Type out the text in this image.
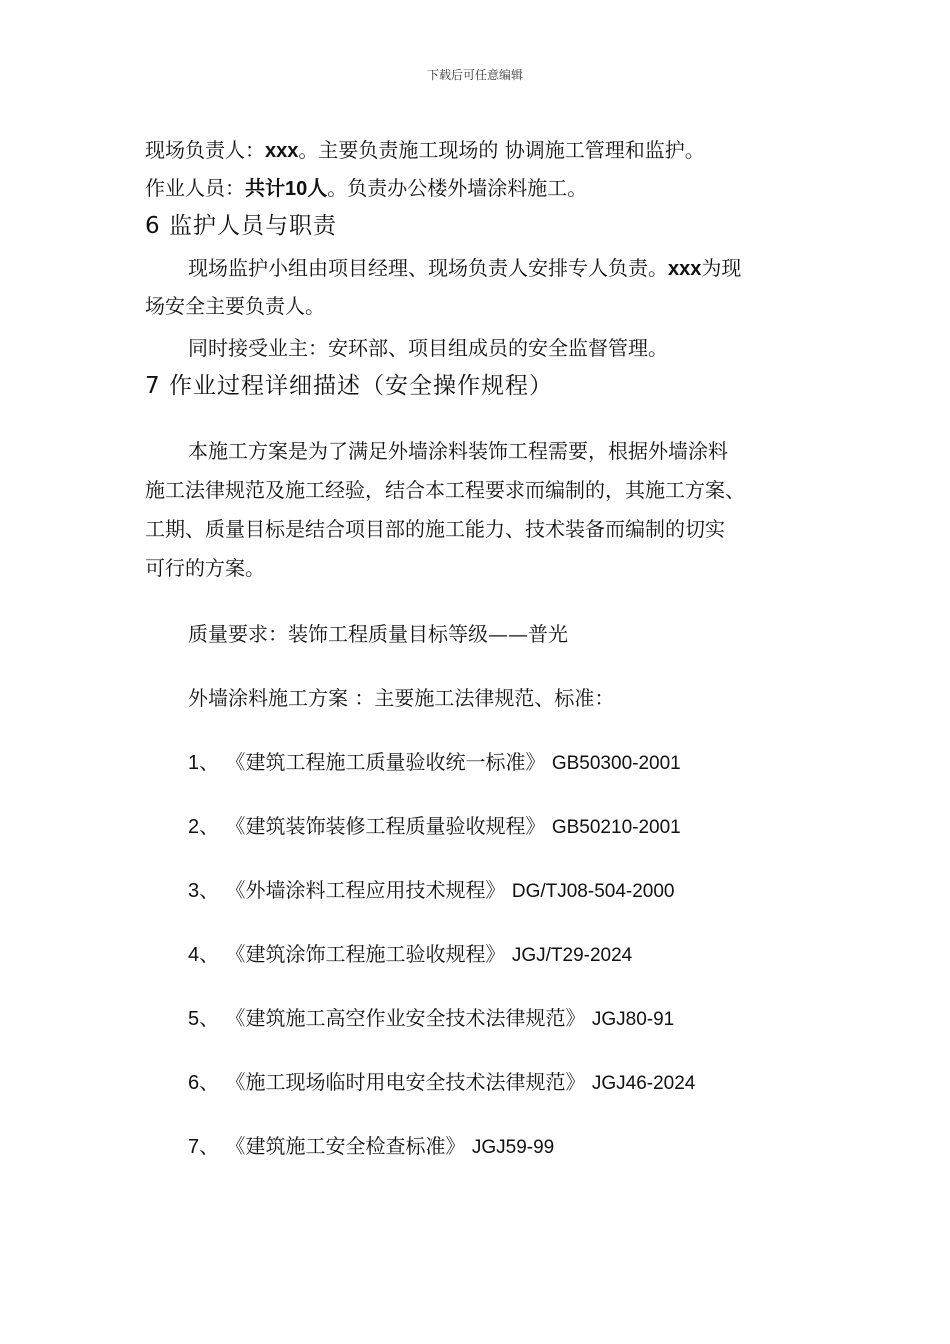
下载后可任意编辑
现场负责人：xxx。主要负责施工现场的 协调施工管理和监护。
作业人员：共计10人。负责办公楼外墙涂料施工。
6 监护人员与职责
现场监护小组由项目经理、现场负责人安排专人负责。xxx为现
场安全主要负责人。
同时接受业主：安环部、项目组成员的安全监督管理。
7 作业过程详细描述（安全操作规程）
本施工方案是为了满足外墙涂料装饰工程需要，根据外墙涂料
施工法律规范及施工经验，结合本工程要求而编制的，其施工方案、
工期、质量目标是结合项目部的施工能力、技术装备而编制的切实
可行的方案。
质量要求：装饰工程质量目标等级——普光
外墙涂料施工方案 ：主要施工法律规范、标准：
1、 《建筑工程施工质量验收统一标准》 GB50300-2001
2、 《建筑装饰装修工程质量验收规程》 GB50210-2001
3、 《外墙涂料工程应用技术规程》 DG/TJ08-504-2000
4、 《建筑涂饰工程施工验收规程》 JGJ/T29-2024
5、 《建筑施工高空作业安全技术法律规范》 JGJ80-91
6、 《施工现场临时用电安全技术法律规范》 JGJ46-2024
7、 《建筑施工安全检查标准》 JGJ59-99
